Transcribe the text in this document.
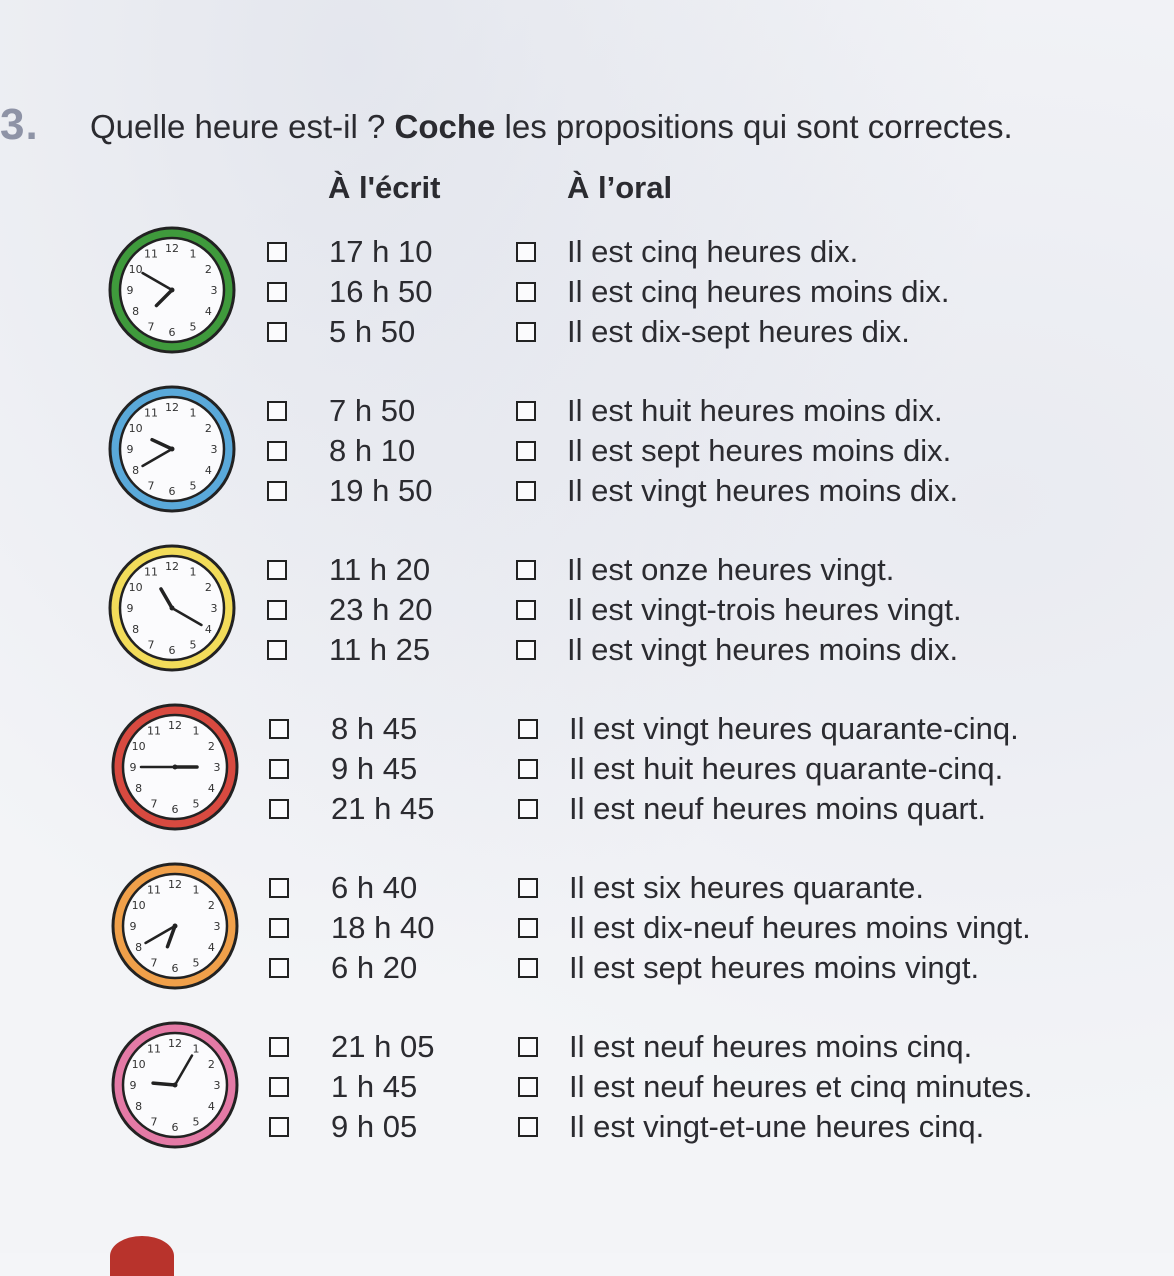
3. Quelle heure est-il ? Coche les propositions qui sont correctes.
À l'écrit	À l’oral
12 1
2
3
4
5
6
7
8
9
10
11	17 h 10	Il est cinq heures dix.
16 h 50	Il est cinq heures moins dix.
5 h 50	Il est dix-sept heures dix.
12 1
2
3
4
5
6
7
8
9
10
11	7 h 50	Il est huit heures moins dix.
8 h 10	Il est sept heures moins dix.
19 h 50	Il est vingt heures moins dix.
12 1
2
3
4
5
6
7
8
9
10
11	11 h 20	Il est onze heures vingt.
23 h 20	Il est vingt-trois heures vingt.
11 h 25	Il est vingt heures moins dix.
12 1
2
3
4
5
6
7
8
9
10
11	8 h 45	Il est vingt heures quarante-cinq.
9 h 45	Il est huit heures quarante-cinq.
21 h 45	Il est neuf heures moins quart.
12 1
2
3
4
5
6
7
8
9
10
11	6 h 40	Il est six heures quarante.
18 h 40	Il est dix-neuf heures moins vingt.
6 h 20	Il est sept heures moins vingt.
12 1
2
3
4
5
6
7
8
9
10
11	21 h 05	Il est neuf heures moins cinq.
1 h 45	Il est neuf heures et cinq minutes.
9 h 05	Il est vingt-et-une heures cinq.
